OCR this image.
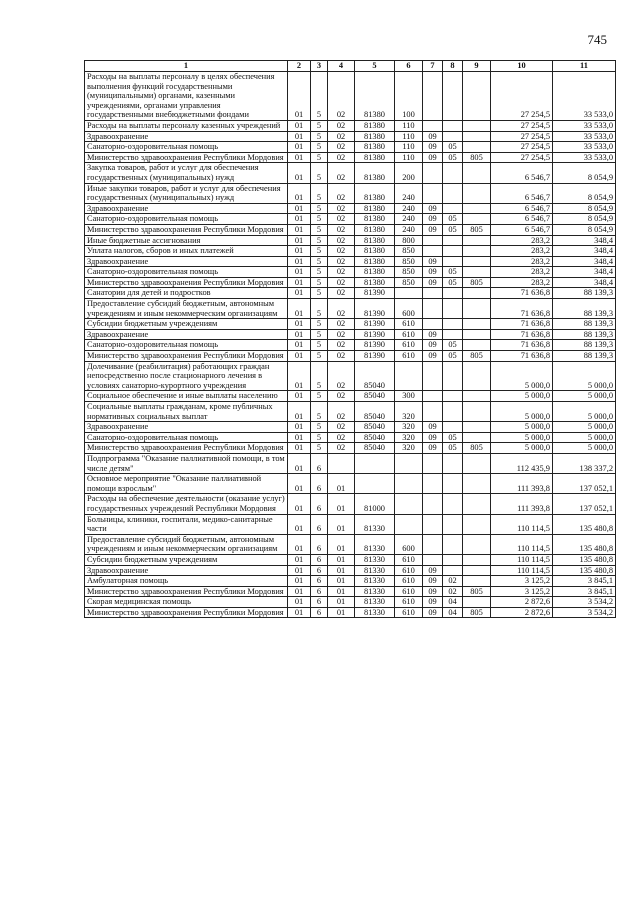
745
1	2	3	4	5	6	7	8	9	10	11
Расходы на выплаты персоналу в целях обеспечения выполнения функций государственными (муниципальными) органами, казенными учреждениями, органами управления государственными внебюджетными фондами	01	5	02	81380	100				27 254,5	33 533,0
Расходы на выплаты персоналу казенных учреждений	01	5	02	81380	110				27 254,5	33 533,0
Здравоохранение	01	5	02	81380	110	09			27 254,5	33 533,0
Санаторно-оздоровительная помощь	01	5	02	81380	110	09	05		27 254,5	33 533,0
Министерство здравоохранения Республики Мордовия	01	5	02	81380	110	09	05	805	27 254,5	33 533,0
Закупка товаров, работ и услуг для обеспечения государственных (муниципальных) нужд	01	5	02	81380	200				6 546,7	8 054,9
Иные закупки товаров, работ и услуг для обеспечения государственных (муниципальных) нужд	01	5	02	81380	240				6 546,7	8 054,9
Здравоохранение	01	5	02	81380	240	09			6 546,7	8 054,9
Санаторно-оздоровительная помощь	01	5	02	81380	240	09	05		6 546,7	8 054,9
Министерство здравоохранения Республики Мордовия	01	5	02	81380	240	09	05	805	6 546,7	8 054,9
Иные бюджетные ассигнования	01	5	02	81380	800				283,2	348,4
Уплата налогов, сборов и иных платежей	01	5	02	81380	850				283,2	348,4
Здравоохранение	01	5	02	81380	850	09			283,2	348,4
Санаторно-оздоровительная помощь	01	5	02	81380	850	09	05		283,2	348,4
Министерство здравоохранения Республики Мордовия	01	5	02	81380	850	09	05	805	283,2	348,4
Санатории для детей и подростков	01	5	02	81390					71 636,8	88 139,3
Предоставление субсидий бюджетным, автономным учреждениям и иным некоммерческим организациям	01	5	02	81390	600				71 636,8	88 139,3
Субсидии бюджетным учреждениям	01	5	02	81390	610				71 636,8	88 139,3
Здравоохранение	01	5	02	81390	610	09			71 636,8	88 139,3
Санаторно-оздоровительная помощь	01	5	02	81390	610	09	05		71 636,8	88 139,3
Министерство здравоохранения Республики Мордовия	01	5	02	81390	610	09	05	805	71 636,8	88 139,3
Долечивание (реабилитация) работающих граждан непосредственно после стационарного лечения в условиях санаторно-курортного учреждения	01	5	02	85040					5 000,0	5 000,0
Социальное обеспечение и иные выплаты населению	01	5	02	85040	300				5 000,0	5 000,0
Социальные выплаты гражданам, кроме публичных нормативных социальных выплат	01	5	02	85040	320				5 000,0	5 000,0
Здравоохранение	01	5	02	85040	320	09			5 000,0	5 000,0
Санаторно-оздоровительная помощь	01	5	02	85040	320	09	05		5 000,0	5 000,0
Министерство здравоохранения Республики Мордовия	01	5	02	85040	320	09	05	805	5 000,0	5 000,0
Подпрограмма "Оказание паллиативной помощи, в том числе детям"	01	6							112 435,9	138 337,2
Основное мероприятие "Оказание паллиативной помощи взрослым"	01	6	01						111 393,8	137 052,1
Расходы на обеспечение деятельности (оказание услуг) государственных учреждений Республики Мордовия	01	6	01	81000					111 393,8	137 052,1
Больницы, клиники, госпитали, медико-санитарные части	01	6	01	81330					110 114,5	135 480,8
Предоставление субсидий бюджетным, автономным учреждениям и иным некоммерческим организациям	01	6	01	81330	600				110 114,5	135 480,8
Субсидии бюджетным учреждениям	01	6	01	81330	610				110 114,5	135 480,8
Здравоохранение	01	6	01	81330	610	09			110 114,5	135 480,8
Амбулаторная помощь	01	6	01	81330	610	09	02		3 125,2	3 845,1
Министерство здравоохранения Республики Мордовия	01	6	01	81330	610	09	02	805	3 125,2	3 845,1
Скорая медицинская помощь	01	6	01	81330	610	09	04		2 872,6	3 534,2
Министерство здравоохранения Республики Мордовия	01	6	01	81330	610	09	04	805	2 872,6	3 534,2
